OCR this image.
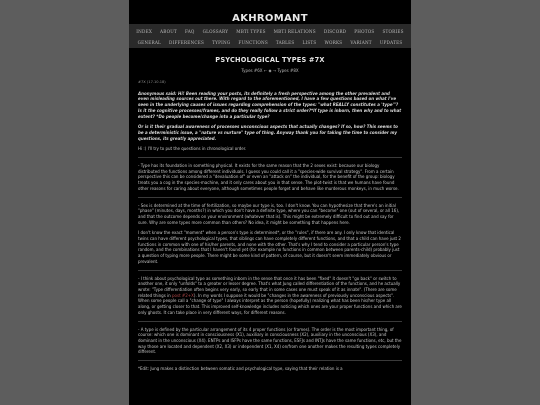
AKHROMANT
INDEX ABOUT FAQ GLOSSARY MBTI TYPES MBTI RELATIONS DISCORD PHOTOS STORIES
GENERAL DIFFERENCES TYPING FUNCTIONS TABLES LISTS WORKS VARIANT UPDATES
PSYCHOLOGICAL TYPES #7X
Types #6X ← ◆ → Types #8X
#7X (17.10.18)

Anonymous said: Hi! Been reading your posts, its definitely a fresh perspective among the other prevalent and even misleading sources out there. With regard to the aforementioned, I have a few questions based on what I've seen in the underlying causes of issues regarding comprehension of the types: "what REALLY constitutes a 'type'"? Is it the cognitive processes/frames, and do they really follow a strict order?*If type is inborn, then why and to what extent? *Do people become/change into a particular type?

Or is it their gradual awareness of processes unconscious aspects that actually changes? If so, how? This seems to be a deterministic issue, a "nature vs nurture" type of thing. Anyway thank you for taking the time to consider my questions, its greatly appreciated.

Hi :) I'll try to put the questions in chronological order.

- Type has its foundation in something physical. It exists for the same reason that the 2 sexes exist: because our biology distributed the functions among different individuals. I guess you could call it a "species-wide survival strategy". From a certain perspective this can be considered a "devaluation of" or even an "attack on" the individual, for the benefit of the group: biology treats you a cog in the species-machine, and it only cares about you in that sense. The plot-twist is that we humans have found other reasons for caring about everyone, although sometimes people forget and behave like murderous monkeys, in much worse.

- Sex is determined at the time of fertilization, so maybe our type is, too. I don't know. You can hypothesize that there's an initial "phase" (minutes, days, months?) in which you don't have a definite type, where you can "become" one (out of several, or all 16), and that the outcome depends on your environment (whatever that is). This might be extremely difficult to find out and say for sure. Why are some types more common than others? No idea, it might be something that happens here.

I don't know the exact "moment" when a person's type is determined*, or the "rules", if there are any. I only know that identical twins can have different psychological types, that siblings can have completely different functions, and that a child can have just 2 functions in common with one of his/her parents, and none with the other. That's why I tend to consider a particular person's type random, and the combinations that I haven't found yet (for example no functions in common between parents-child) probably just a question of typing more people. There might be some kind of pattern, of course, but it doesn't seem immediately obvious or prevalent.

- I think about psychological type as something inborn in the sense that once it has been "fixed" it doesn't "go back" or switch to another one, it only "unfolds" to a greater or lesser degree. That's what Jung called differentiation of the functions, and he actually wrote: "Type differentiation often begins very early, so early that in some cases one must speak of it as innate". (There are some related things in post #2+X). In my words I suppose it would be "changes in the awareness of previously unconscious aspects". When some people call a "change of type" I always interpret as the person (hopefully) realizing what has been his/her type all along, or getting closer to that. This improved self-knowledge includes noticing which ones are your proper functions and which are only ghosts. It can take place in very different ways, for different reasons.

- A type is defined by the particular arrangement of its 4 proper functions (or frames). The order is the most important thing, of course: which one is dominant in consciousness (X1), auxiliary in consciousness (X2), auxiliary in the unconscious (X3), and dominant in the unconscious (X4). ENTPs and ISFPs have the same functions, ESFJs and INTJs have the same functions, etc, but the way those are located and dependent (X2, X3) or independent (X1, X4) on/from one another makes the resulting types completely different.

*Edit: Jung makes a distinction between somatic and psychological type, saying that their relation is a
